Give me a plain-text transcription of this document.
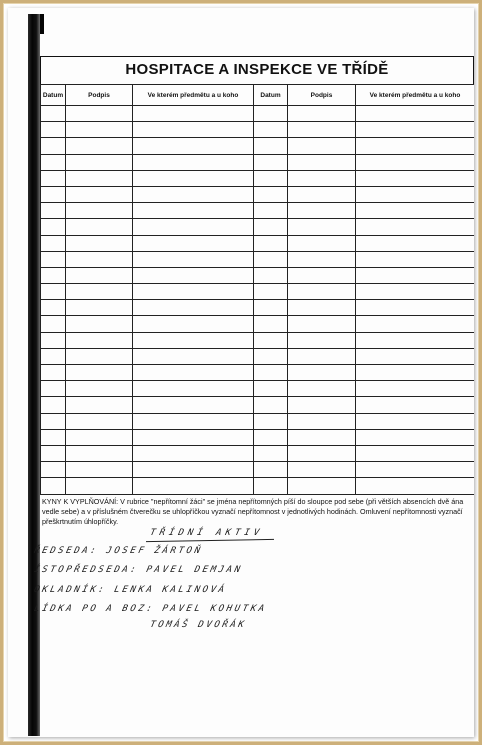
HOSPITACE A INSPEKCE VE TŘÍDĚ
Datum	Podpis	Ve kterém předmětu a u koho	Datum	Podpis	Ve kterém předmětu a u koho

KYNY K VYPLŇOVÁNÍ: V rubrice "nepřítomní žáci" se jména nepřítomných píší do sloupce pod sebe (při větších absencích dvě ána vedle sebe) a v příslušném čtverečku se uhlopříčkou vyznačí nepřítomnost v jednotlivých hodinách. Omluvení nepřítomnosti vyznačí přeškrtnutím úhlopříčky.
TŘÍDNÍ AKTIV
ŘEDSEDA: JOSEF ŽÁRTOŇ
ÍSTOPŘEDSEDA: PAVEL DEMJAN
OKLADNÍK: LENKA KALINOVÁ
LÍDKA PO A BOZ: PAVEL KOHUTKA
TOMÁŠ DVOŘÁK
